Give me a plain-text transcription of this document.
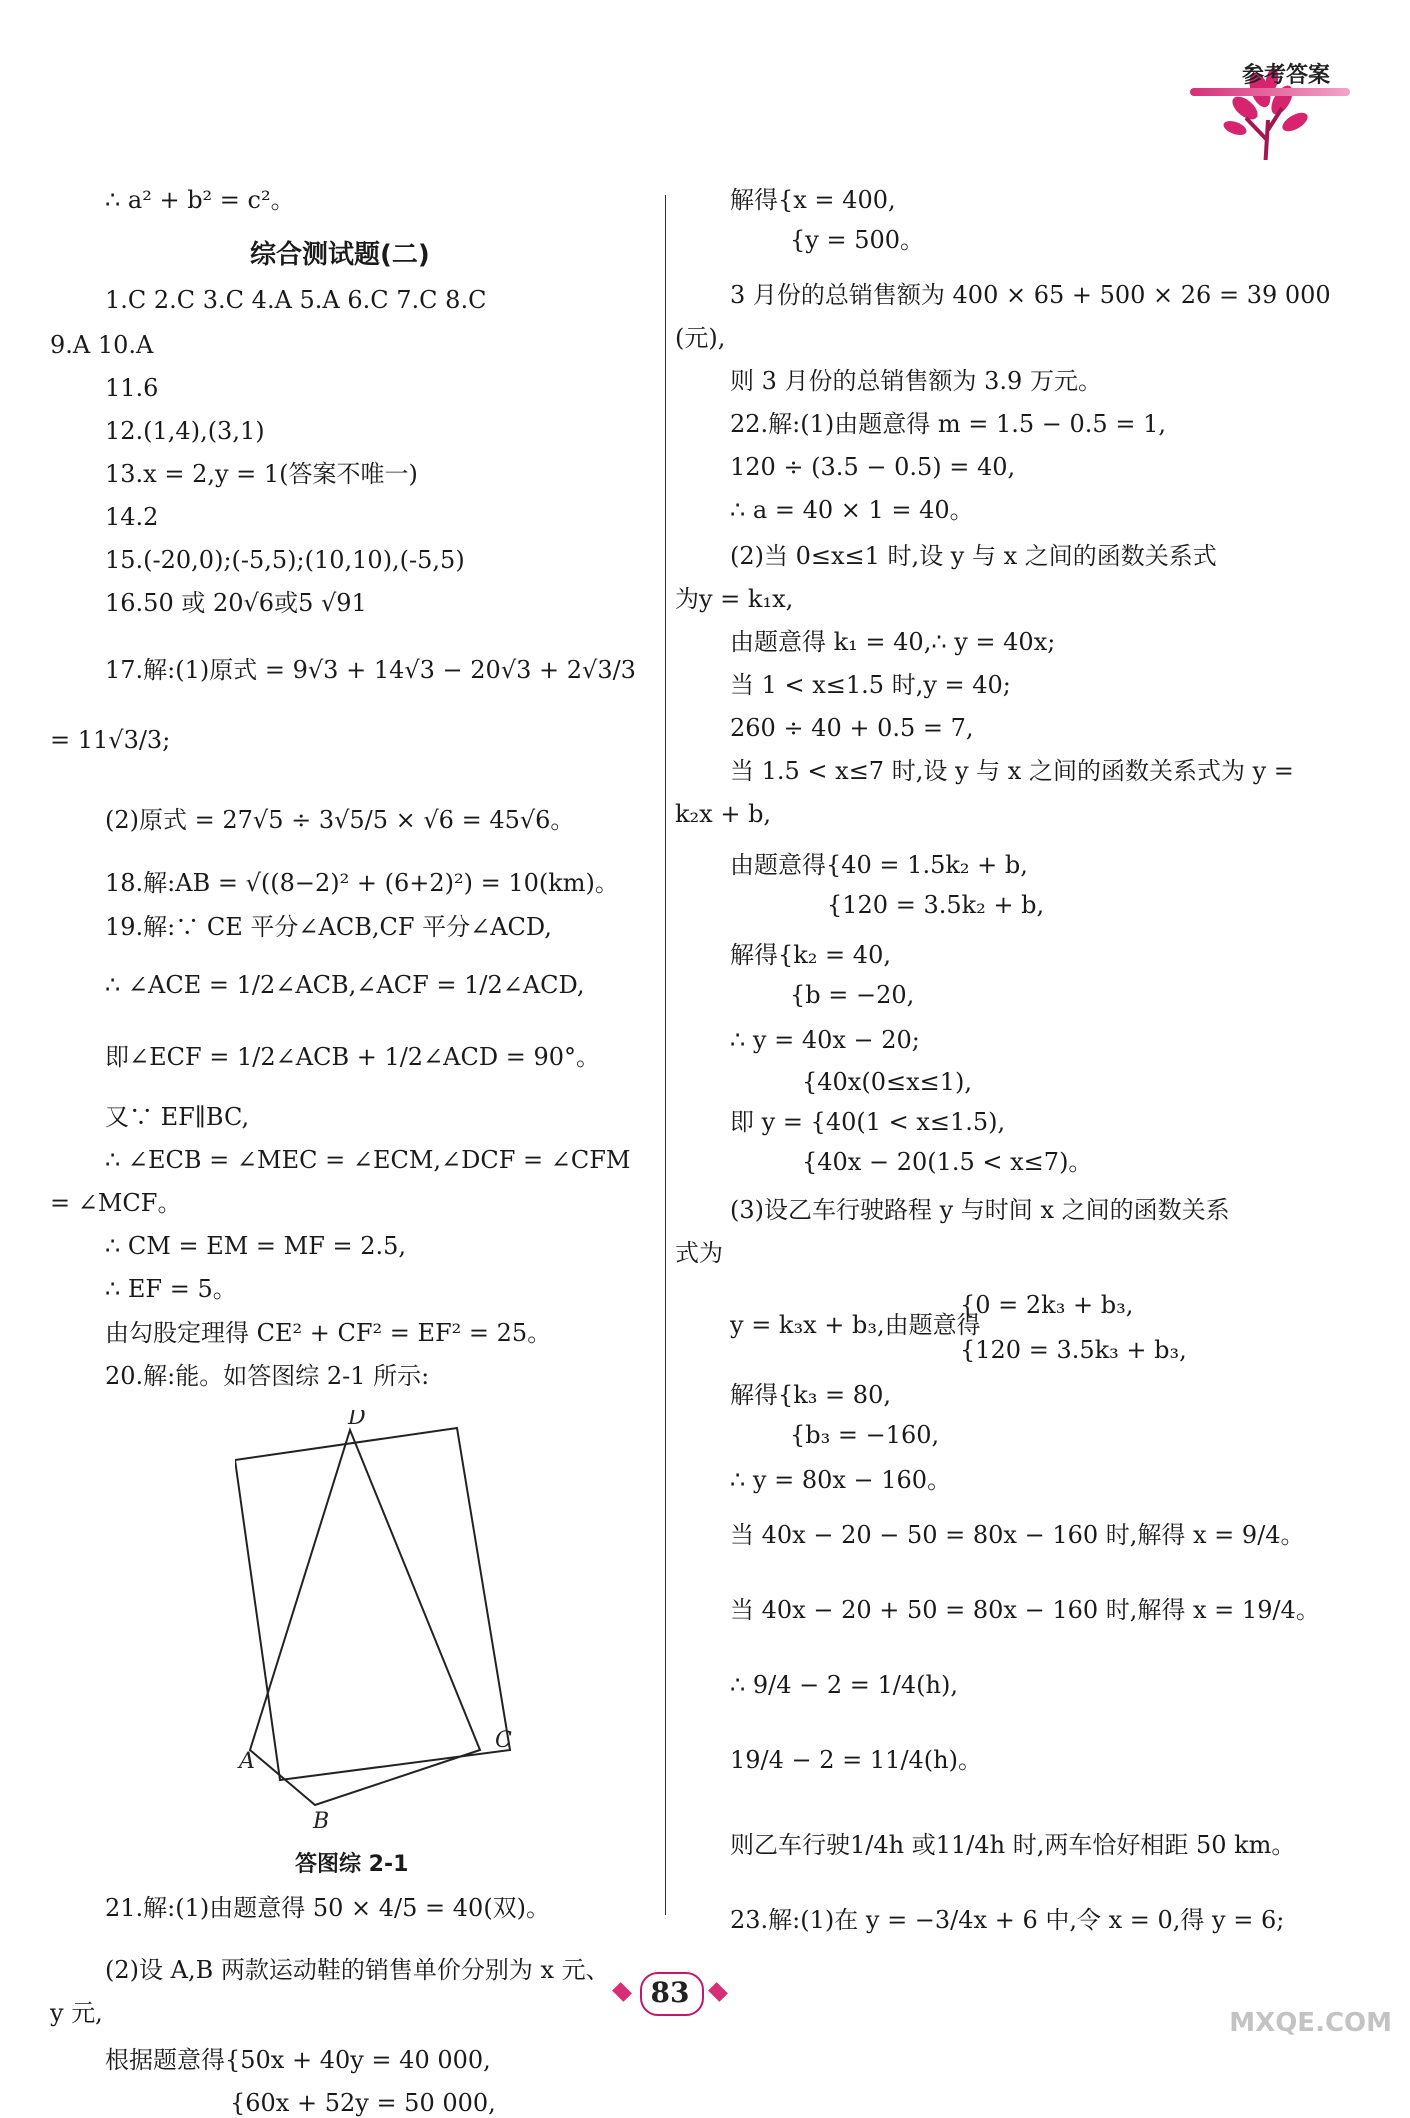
参考答案
∴ a² + b² = c²。
综合测试题(二)
1.C 2.C 3.C 4.A 5.A 6.C 7.C 8.C
9.A 10.A
11.6
12.(1,4),(3,1)
13.x = 2,y = 1(答案不唯一)
14.2
15.(-20,0);(-5,5);(10,10),(-5,5)
16.50 或 20√6或5 √91
17.解:(1)原式 = 9√3 + 14√3 − 20√3 + 2√3/3
= 11√3/3;
(2)原式 = 27√5 ÷ 3√5/5 × √6 = 45√6。
18.解:AB = √((8−2)² + (6+2)²) = 10(km)。
19.解:∵ CE 平分∠ACB,CF 平分∠ACD,
∴ ∠ACE = 1/2∠ACB,∠ACF = 1/2∠ACD,
即∠ECF = 1/2∠ACB + 1/2∠ACD = 90°。
又∵ EF∥BC,
∴ ∠ECB = ∠MEC = ∠ECM,∠DCF = ∠CFM
= ∠MCF。
∴ CM = EM = MF = 2.5,
∴ EF = 5。
由勾股定理得 CE² + CF² = EF² = 25。
20.解:能。如答图综 2-1 所示:
D
C
A
B
答图综 2-1
21.解:(1)由题意得 50 × 4/5 = 40(双)。
(2)设 A,B 两款运动鞋的销售单价分别为 x 元、
y 元,
根据题意得{50x + 40y = 40 000,
{60x + 52y = 50 000,
解得{x = 400,
{y = 500。
3 月份的总销售额为 400 × 65 + 500 × 26 = 39 000
(元),
则 3 月份的总销售额为 3.9 万元。
22.解:(1)由题意得 m = 1.5 − 0.5 = 1,
120 ÷ (3.5 − 0.5) = 40,
∴ a = 40 × 1 = 40。
(2)当 0≤x≤1 时,设 y 与 x 之间的函数关系式
为y = k₁x,
由题意得 k₁ = 40,∴ y = 40x;
当 1 < x≤1.5 时,y = 40;
260 ÷ 40 + 0.5 = 7,
当 1.5 < x≤7 时,设 y 与 x 之间的函数关系式为 y =
k₂x + b,
由题意得{40 = 1.5k₂ + b,
{120 = 3.5k₂ + b,
解得{k₂ = 40,
{b = −20,
∴ y = 40x − 20;
{40x(0≤x≤1),
即 y = {40(1 < x≤1.5),
{40x − 20(1.5 < x≤7)。
(3)设乙车行驶路程 y 与时间 x 之间的函数关系
式为
{0 = 2k₃ + b₃,
y = k₃x + b₃,由题意得
{120 = 3.5k₃ + b₃,
解得{k₃ = 80,
{b₃ = −160,
∴ y = 80x − 160。
当 40x − 20 − 50 = 80x − 160 时,解得 x = 9/4。
当 40x − 20 + 50 = 80x − 160 时,解得 x = 19/4。
∴ 9/4 − 2 = 1/4(h),
19/4 − 2 = 11/4(h)。
则乙车行驶1/4h 或11/4h 时,两车恰好相距 50 km。
23.解:(1)在 y = −3/4x + 6 中,令 x = 0,得 y = 6;
83
MXQE.COM
